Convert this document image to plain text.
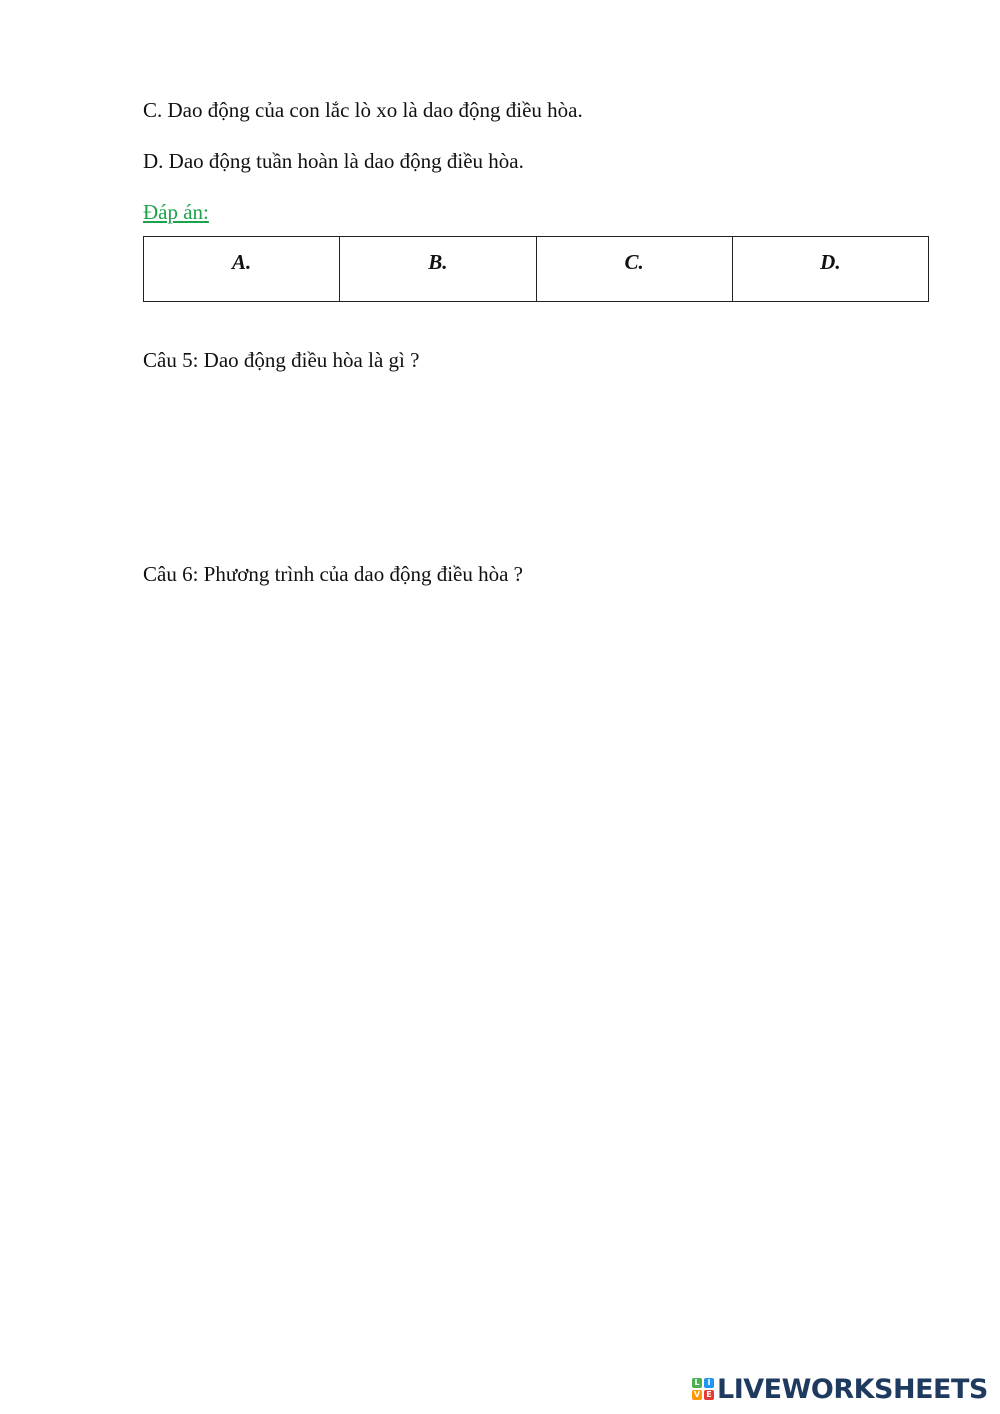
C. Dao động của con lắc lò xo là dao động điều hòa.
D. Dao động tuần hoàn là dao động điều hòa.
Đáp án:
A.	B.	C.	D.
Câu 5: Dao động điều hòa là gì ?
Câu 6: Phương trình của dao động điều hòa ?
L I
V E LIVEWORKSHEETS
